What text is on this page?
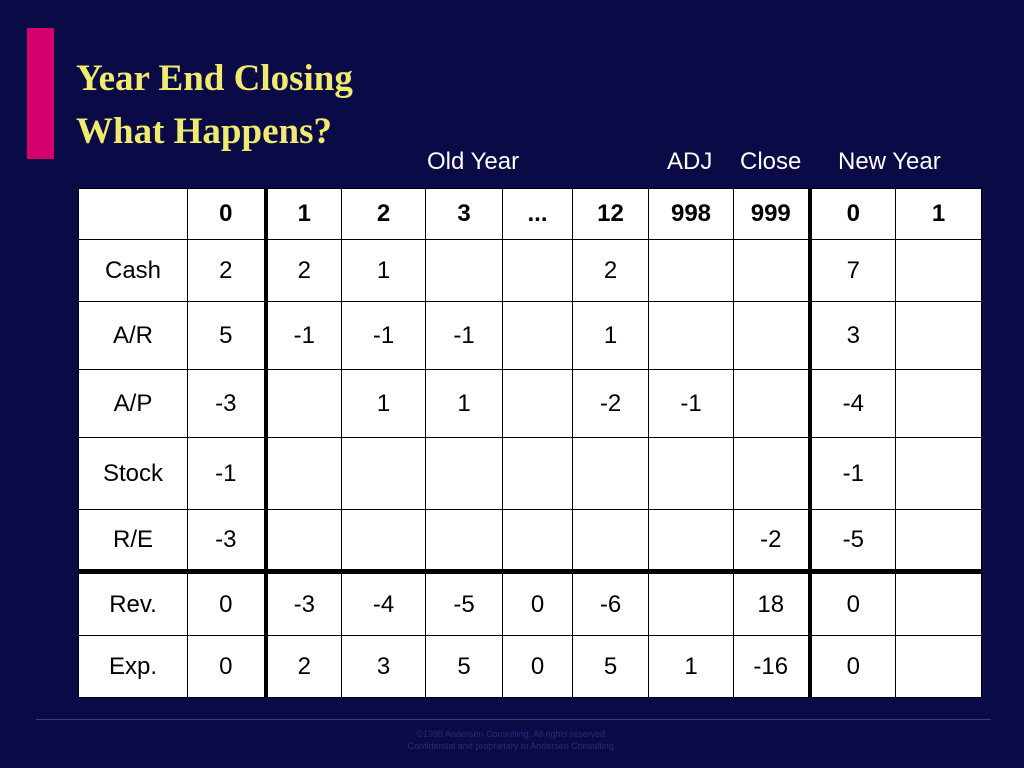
Year End Closing
What Happens?
Old Year	ADJ Close New Year
	0	1	2	3	...	12	998	999	0	1
Cash	2	2	1			2			7	
A/R	5	-1	-1	-1		1			3	
A/P	-3		1	1		-2	-1		-4	
Stock	-1								-1	
R/E	-3							-2	-5	
Rev.	0	-3	-4	-5	0	-6		18	0	
Exp.	0	2	3	5	0	5	1	-16	0	
©1998 Andersen Consulting. All rights reserved.
Confidential and proprietary to Andersen Consulting.
